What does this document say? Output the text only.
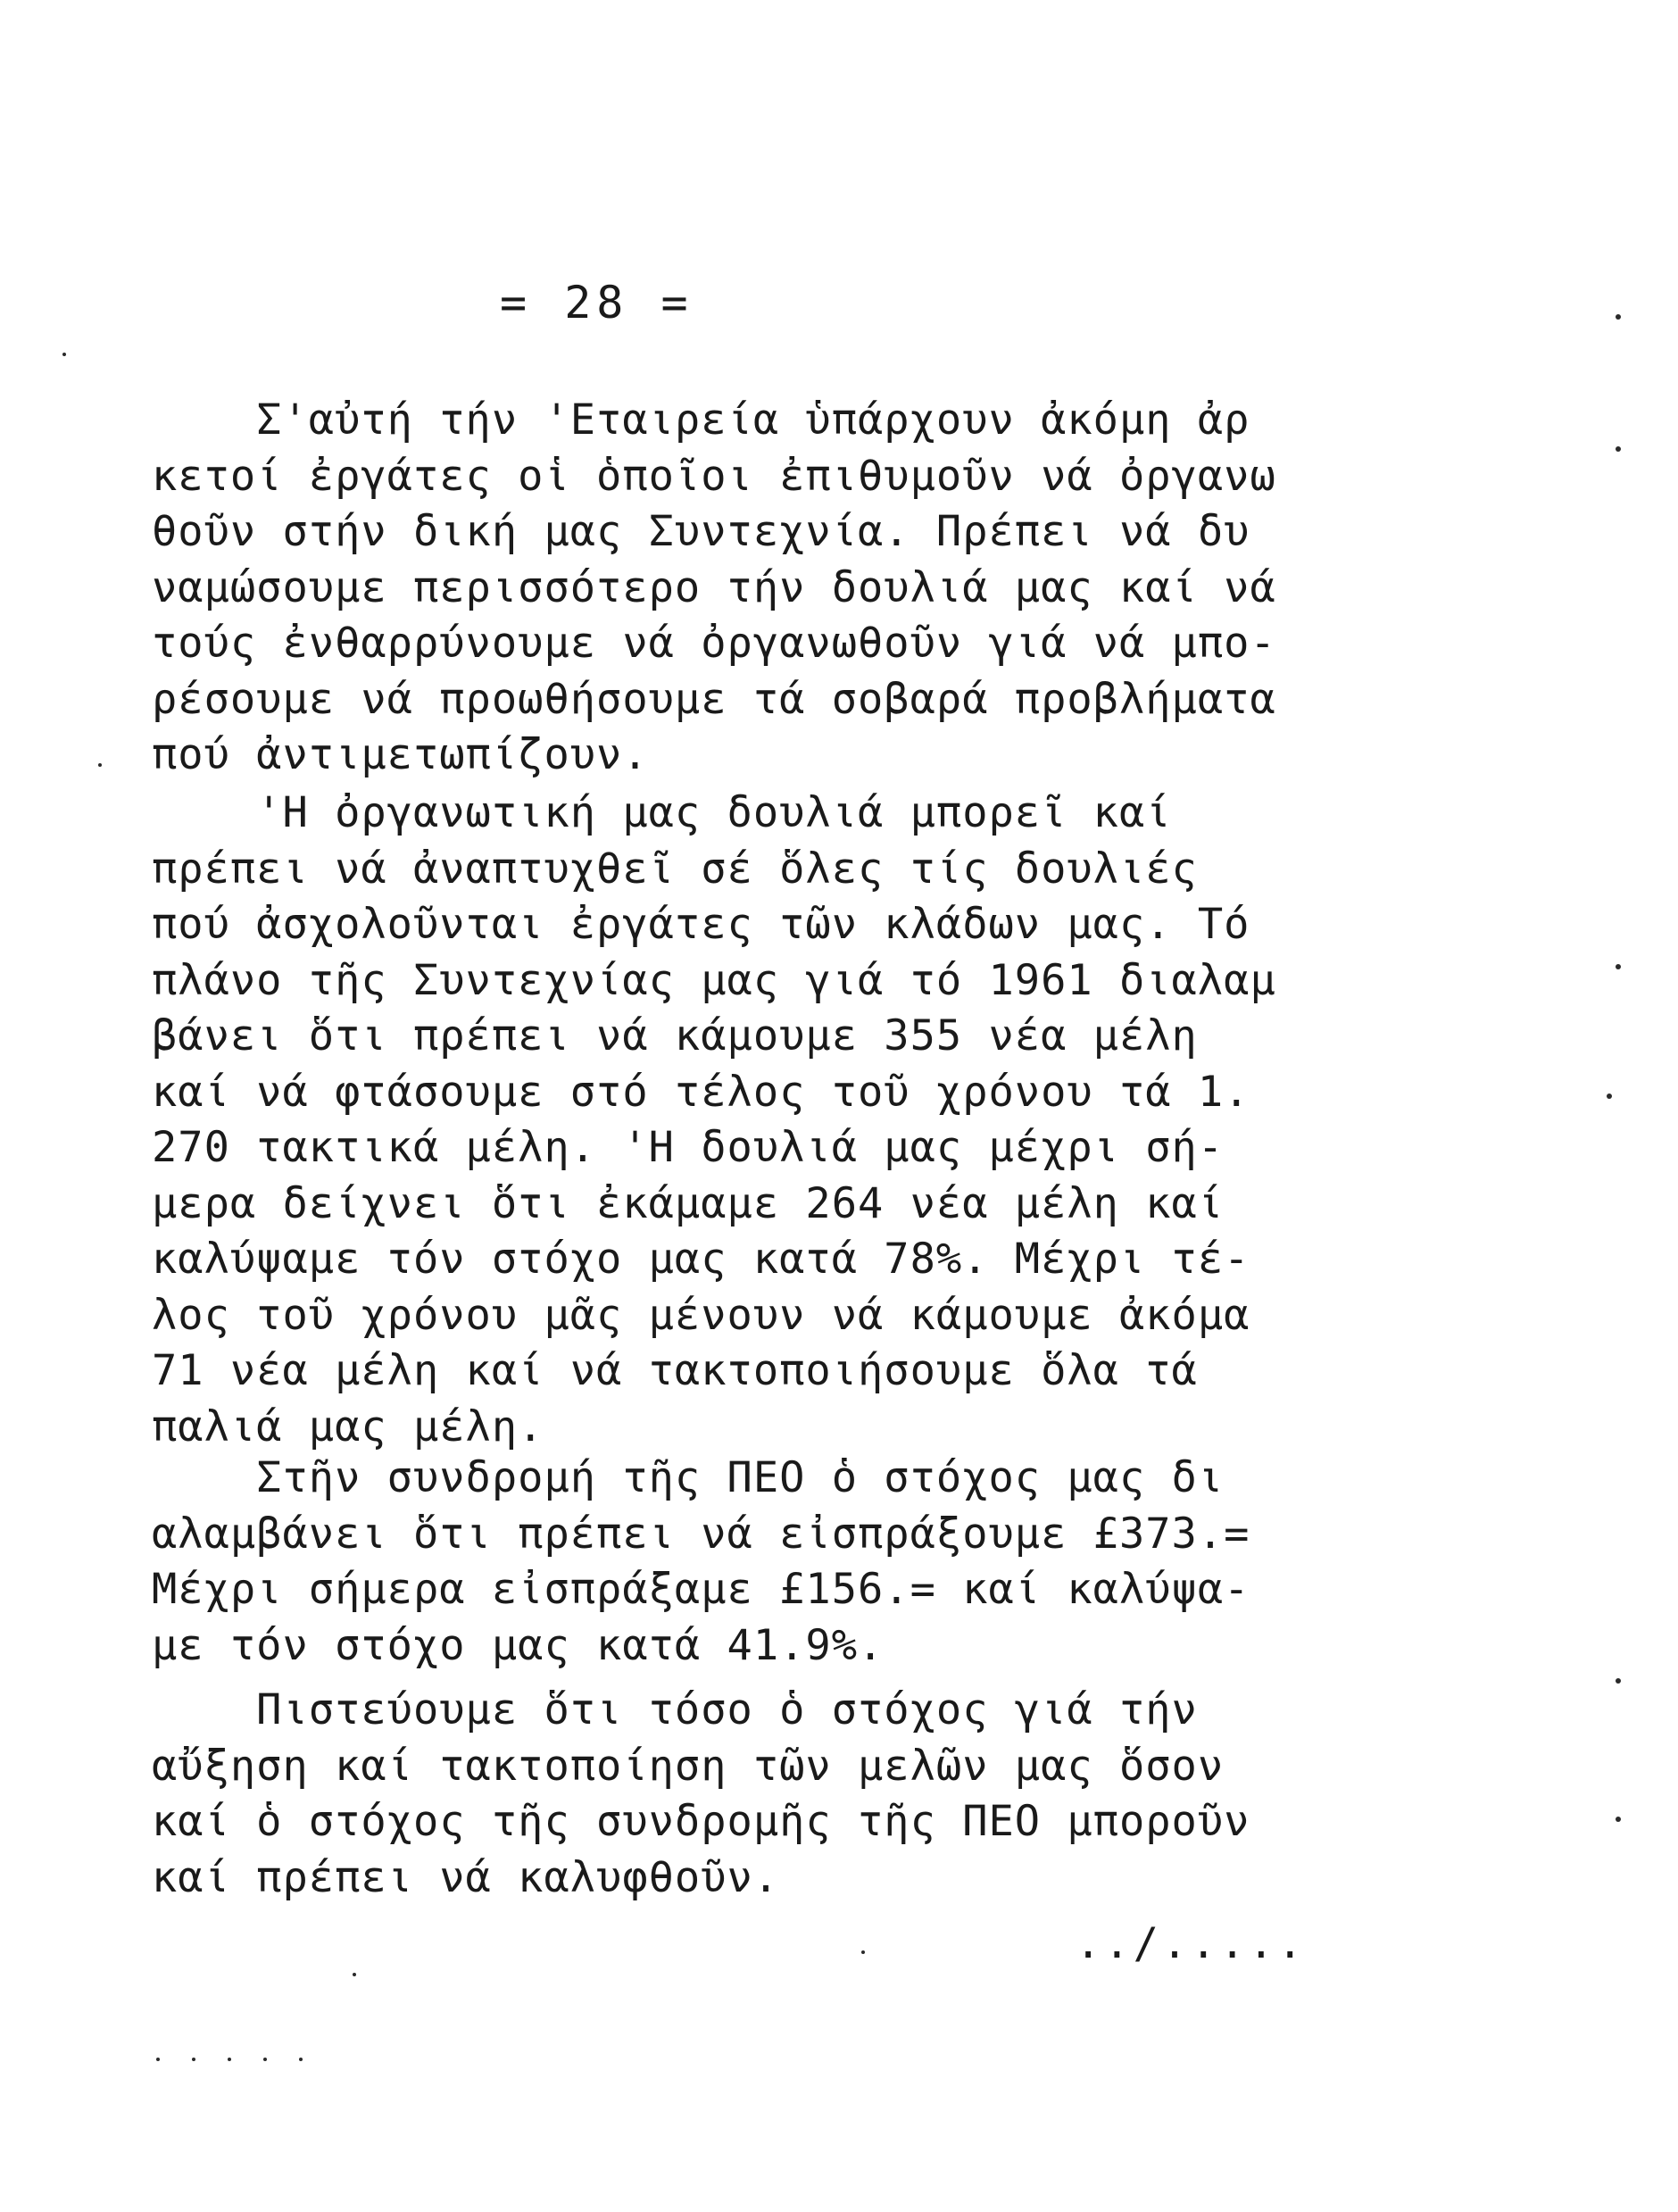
= 28 =
Σ'αὐτή τήν 'Εταιρεία ὑπάρχουν ἀκόμη ἀρ
κετοί ἐργάτες οἱ ὁποῖοι ἐπιθυμοῦν νά ὀργανω
θοῦν στήν δική μας Συντεχνία. Πρέπει νά δυ
ναμώσουμε περισσότερο τήν δουλιά μας καί νά
τούς ἐνθαρρύνουμε νά ὀργανωθοῦν γιά νά μπο-
ρέσουμε νά προωθήσουμε τά σοβαρά προβλήματα
πού ἀντιμετωπίζουν.
'Η ὀργανωτική μας δουλιά μπορεῖ καί
πρέπει νά ἀναπτυχθεῖ σέ ὅλες τίς δουλιές
πού ἀσχολοῦνται ἐργάτες τῶν κλάδων μας. Τό
πλάνο τῆς Συντεχνίας μας γιά τό 1961 διαλαμ
βάνει ὅτι πρέπει νά κάμουμε 355 νέα μέλη
καί νά φτάσουμε στό τέλος τοῦ χρόνου τά 1.
270 τακτικά μέλη. 'Η δουλιά μας μέχρι σή-
μερα δείχνει ὅτι ἐκάμαμε 264 νέα μέλη καί
καλύψαμε τόν στόχο μας κατά 78%. Μέχρι τέ-
λος τοῦ χρόνου μᾶς μένουν νά κάμουμε ἀκόμα
71 νέα μέλη καί νά τακτοποιήσουμε ὅλα τά
παλιά μας μέλη.
Στῆν συνδρομή τῆς ΠΕΟ ὁ στόχος μας δι
αλαμβάνει ὅτι πρέπει νά εἰσπράξουμε £373.=
Μέχρι σήμερα εἰσπράξαμε £156.= καί καλύψα-
με τόν στόχο μας κατά 41.9%.
Πιστεύουμε ὅτι τόσο ὁ στόχος γιά τήν
αὔξηση καί τακτοποίηση τῶν μελῶν μας ὅσον
καί ὁ στόχος τῆς συνδρομῆς τῆς ΠΕΟ μποροῦν
καί πρέπει νά καλυφθοῦν.
../.....
